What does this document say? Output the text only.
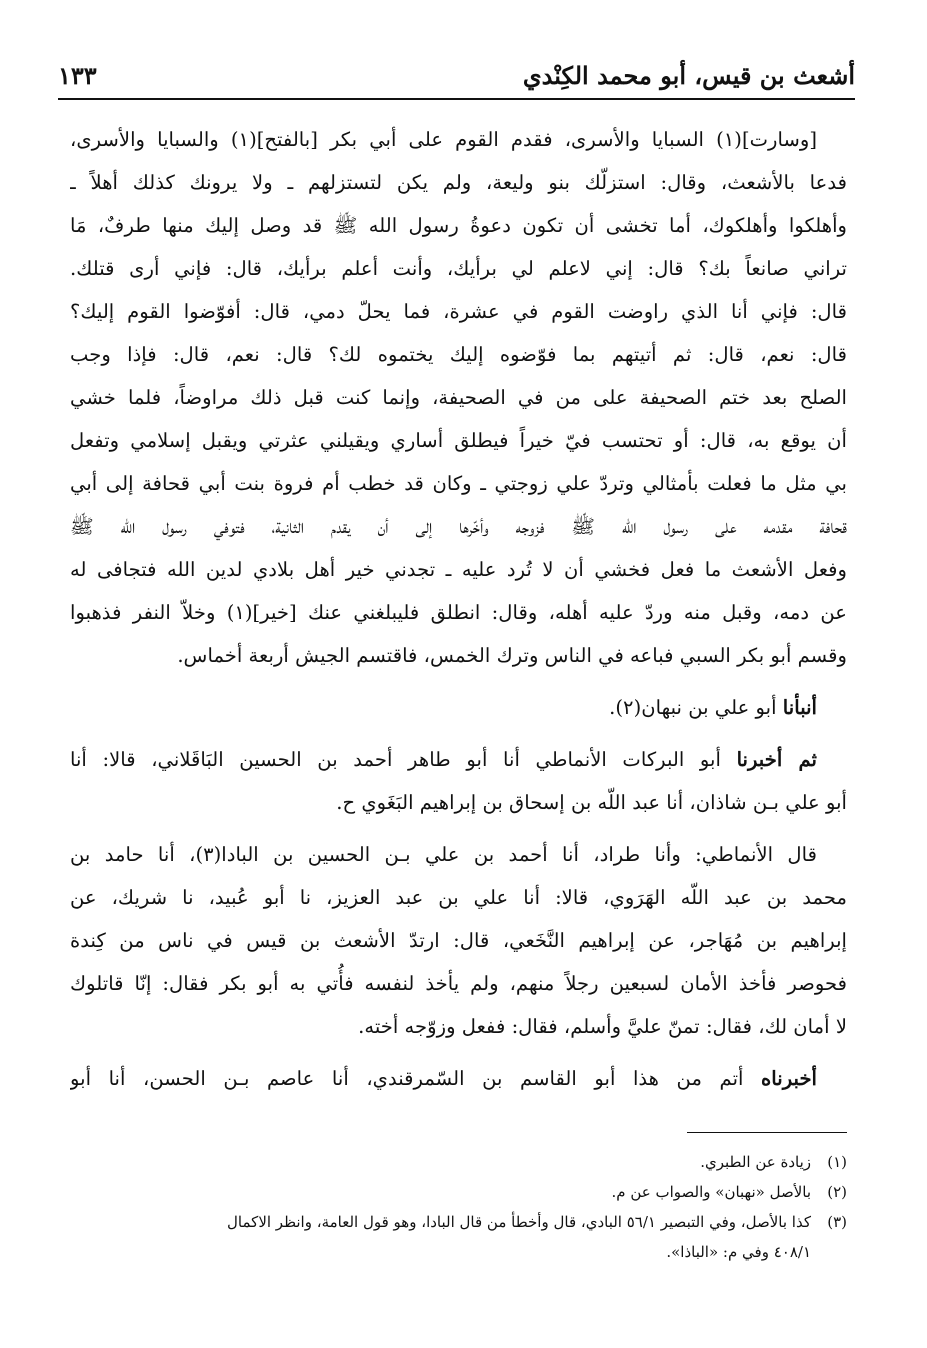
أشعث بن قيس، أبو محمد الكِنْدي
١٣٣
[وسارت](١) السبايا والأسرى، فقدم القوم على أبي بكر [بالفتح](١) والسبايا والأسرى،
فدعا بالأشعث، وقال: استزلّك بنو وليعة، ولم يكن لتستزلهم ـ ولا يرونك كذلك أهلاً ـ
وأهلكوا وأهلكوك، أما تخشى أن تكون دعوةُ رسول الله ﷺ قد وصل إليك منها طرفٌ، مَا
تراني صانعاً بك؟ قال: إني لاعلم لي برأيك، وأنت أعلم برأيك، قال: فإني أرى قتلك.
قال: فإني أنا الذي راوضت القوم في عشرة، فما يحلّ دمي، قال: أفوّضوا القوم إليك؟
قال: نعم، قال: ثم أتيتهم بما فوّضوه إليك يختموه لك؟ قال: نعم، قال: فإذا وجب
الصلح بعد ختم الصحيفة على من في الصحيفة، وإنما كنت قبل ذلك مراوضاً، فلما خشي
أن يوقع به، قال: أو تحتسب فيّ خيراً فيطلق أساري ويقيلني عثرتي ويقبل إسلامي وتفعل
بي مثل ما فعلت بأمثالي وتردّ علي زوجتي ـ وكان قد خطب أم فروة بنت أبي قحافة إلى أبي
قحافة مقدمه على رسول الله ﷺ فزوجه وأخّرها إلى أن يقدم الثانية، فتوفي رسول الله ﷺ
وفعل الأشعث ما فعل فخشي أن لا تُرد عليه ـ تجدني خير أهل بلادي لدين الله فتجافى له
عن دمه، وقبل منه وردّ عليه أهله، وقال: انطلق فليبلغني عنك [خير](١) وخلاّ النفر فذهبوا
وقسم أبو بكر السبي فباعه في الناس وترك الخمس، فاقتسم الجيش أربعة أخماس.
أنبأنا أبو علي بن نبهان(٢).
ثم أخبرنا أبو البركات الأنماطي أنا أبو طاهر أحمد بن الحسين البَاقَلاني، قالا: أنا
أبو علي بـن شاذان، أنا عبد اللّه بن إسحاق بن إبراهيم البَغَوي ح.
قال الأنماطي: وأنا طراد، أنا أحمد بن علي بـن الحسين بن البادا(٣)، أنا حامد بن
محمد بن عبد اللّه الهَرَوي، قالا: أنا علي بن عبد العزيز، نا أبو عُبيد، نا شريك، عن
إبراهيم بن مُهَاجر، عن إبراهيم النَّخَعي، قال: ارتدّ الأشعث بن قيس في ناس من كِندة
فحوصر فأخذ الأمان لسبعين رجلاً منهم، ولم يأخذ لنفسه فأُتي به أبو بكر فقال: إنّا قاتلوك
لا أمان لك، فقال: تمنّ عليَّ وأسلم، فقال: ففعل وزوّجه أخته.
أخبرناه أتم من هذا أبو القاسم بن السّمرقندي، أنا عاصم بـن الحسن، أنا أبو
(١)زيادة عن الطبري.
(٢)بالأصل «نهبان» والصواب عن م.
(٣)كذا بالأصل، وفي التبصير ٥٦/١ البادي، قال وأخطأ من قال البادا، وهو قول العامة، وانظر الاكمال
٤٠٨/١ وفي م: «الباذا».
